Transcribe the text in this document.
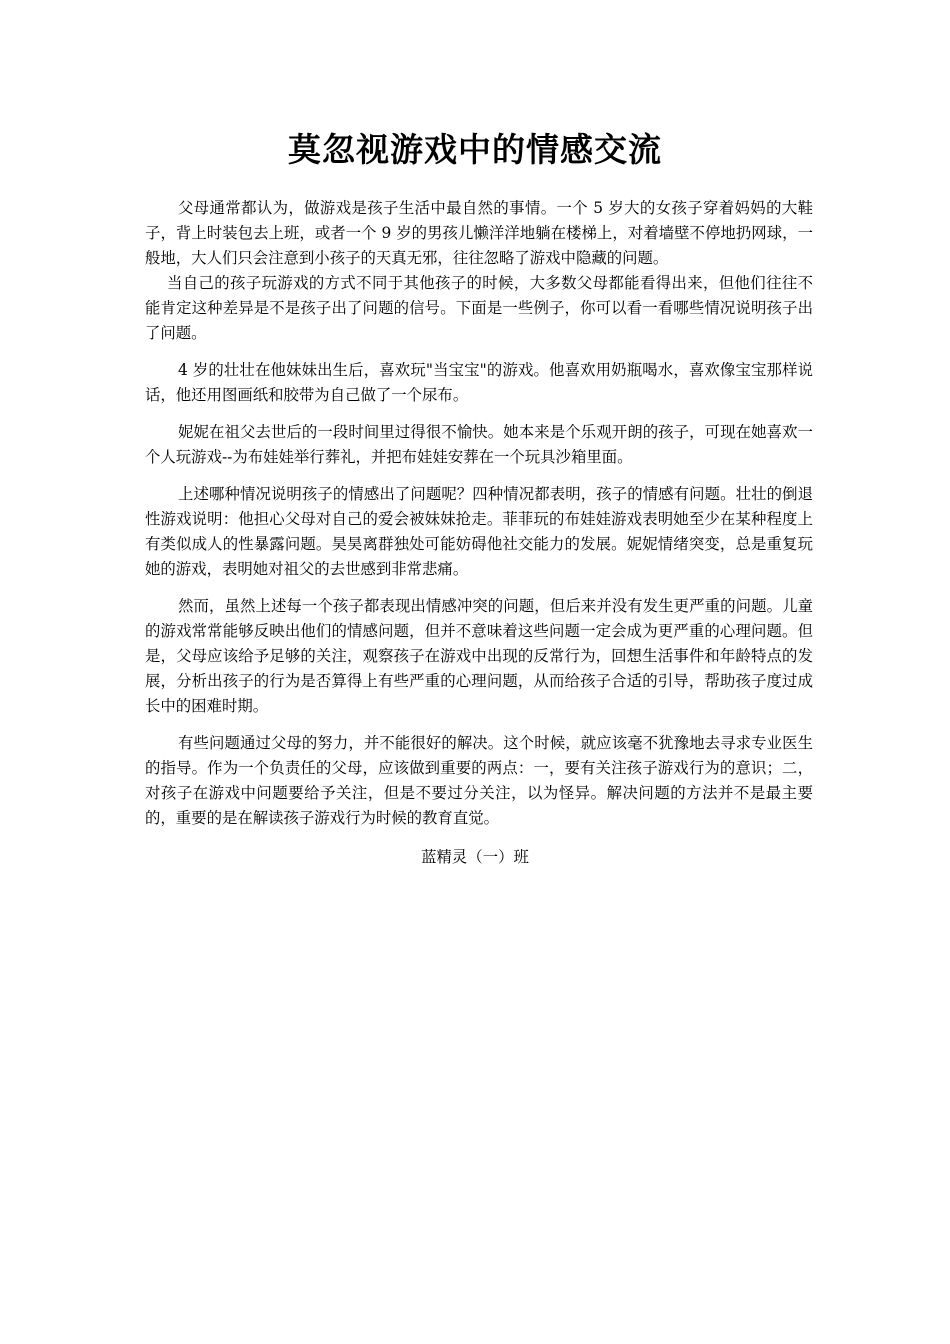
莫忽视游戏中的情感交流

父母通常都认为，做游戏是孩子生活中最自然的事情。一个 5 岁大的女孩子穿着妈妈的大鞋子，背上时装包去上班，或者一个 9 岁的男孩儿懒洋洋地躺在楼梯上，对着墙壁不停地扔网球，一般地，大人们只会注意到小孩子的天真无邪，往往忽略了游戏中隐藏的问题。

当自己的孩子玩游戏的方式不同于其他孩子的时候，大多数父母都能看得出来，但他们往往不能肯定这种差异是不是孩子出了问题的信号。下面是一些例子，你可以看一看哪些情况说明孩子出了问题。

4 岁的壮壮在他妹妹出生后，喜欢玩"当宝宝"的游戏。他喜欢用奶瓶喝水，喜欢像宝宝那样说话，他还用图画纸和胶带为自己做了一个尿布。

妮妮在祖父去世后的一段时间里过得很不愉快。她本来是个乐观开朗的孩子，可现在她喜欢一个人玩游戏--为布娃娃举行葬礼，并把布娃娃安葬在一个玩具沙箱里面。

上述哪种情况说明孩子的情感出了问题呢？四种情况都表明，孩子的情感有问题。壮壮的倒退性游戏说明：他担心父母对自己的爱会被妹妹抢走。菲菲玩的布娃娃游戏表明她至少在某种程度上有类似成人的性暴露问题。昊昊离群独处可能妨碍他社交能力的发展。妮妮情绪突变，总是重复玩她的游戏，表明她对祖父的去世感到非常悲痛。

然而，虽然上述每一个孩子都表现出情感冲突的问题，但后来并没有发生更严重的问题。儿童的游戏常常能够反映出他们的情感问题，但并不意味着这些问题一定会成为更严重的心理问题。但是，父母应该给予足够的关注，观察孩子在游戏中出现的反常行为，回想生活事件和年龄特点的发展，分析出孩子的行为是否算得上有些严重的心理问题，从而给孩子合适的引导，帮助孩子度过成长中的困难时期。

有些问题通过父母的努力，并不能很好的解决。这个时候，就应该毫不犹豫地去寻求专业医生的指导。作为一个负责任的父母，应该做到重要的两点：一，要有关注孩子游戏行为的意识；二，对孩子在游戏中问题要给予关注，但是不要过分关注，以为怪异。解决问题的方法并不是最主要的，重要的是在解读孩子游戏行为时候的教育直觉。

蓝精灵（一）班
